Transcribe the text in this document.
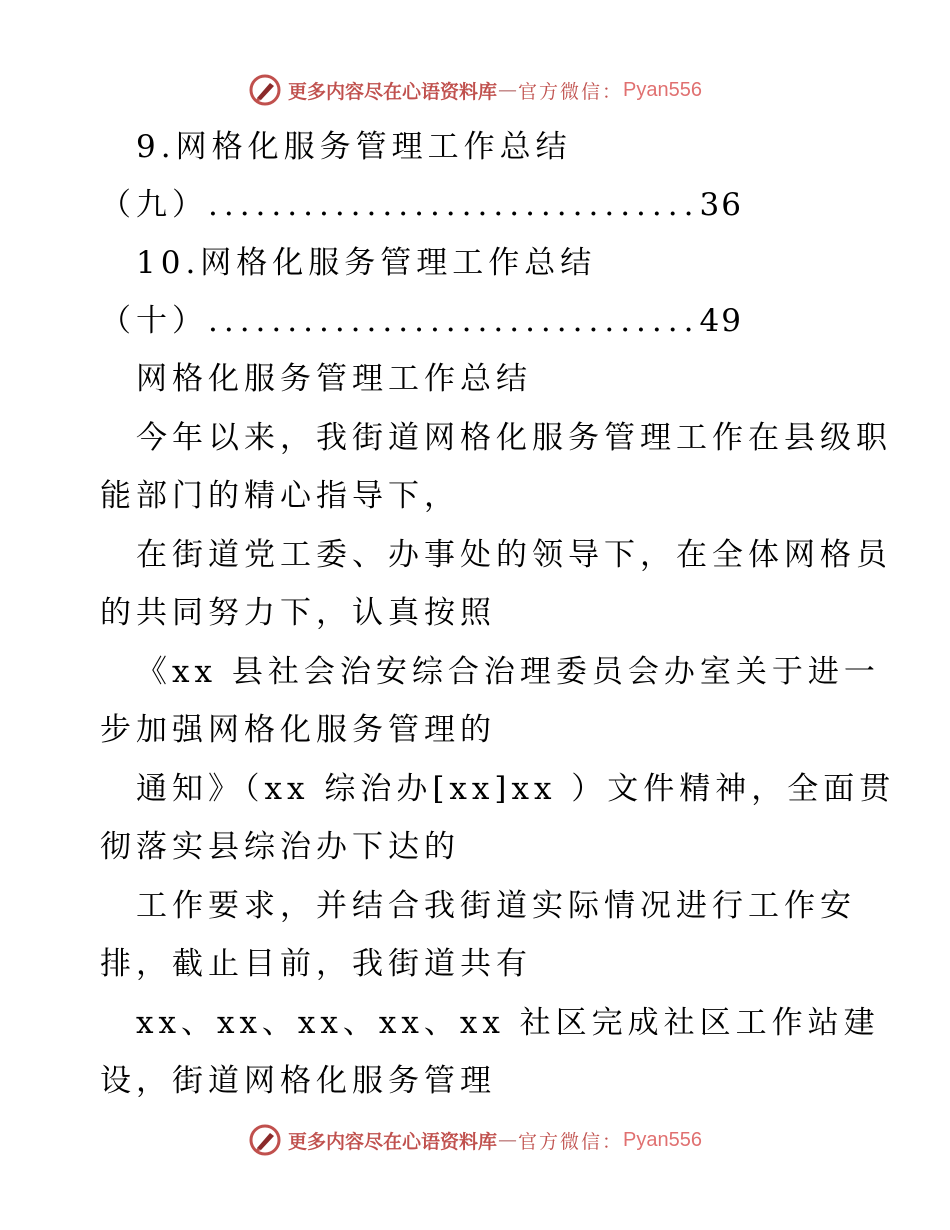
更多内容尽在心语资料库 — 官方微信： Pyan556
9.网格化服务管理工作总结
（九）...............................36
10.网格化服务管理工作总结
（十）...............................49
网格化服务管理工作总结
今年以来，我街道网格化服务管理工作在县级职
能部门的精心指导下，
在街道党工委、办事处的领导下，在全体网格员
的共同努力下，认真按照
《xx 县社会治安综合治理委员会办室关于进一
步加强网格化服务管理的
通知》（xx 综治办[xx]xx ）文件精神，全面贯
彻落实县综治办下达的
工作要求，并结合我街道实际情况进行工作安
排，截止目前，我街道共有
xx、xx、xx、xx、xx 社区完成社区工作站建
设，街道网格化服务管理
更多内容尽在心语资料库 — 官方微信： Pyan556
